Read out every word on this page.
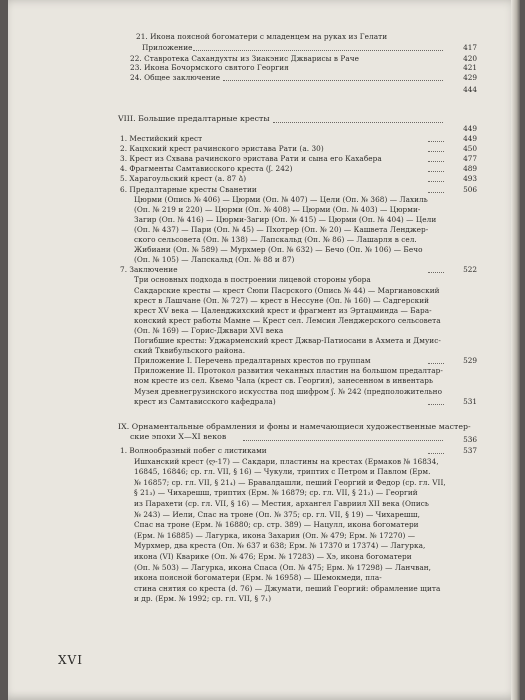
21. Икона поясной богоматери с младенцем на руках из Гелати
Приложение	417
22. Ставротека Сахандухты из Зиакэнис Джварисы в Раче	420
23. Икона Бочормского святого Георгия	421
24. Общее заключение	429
444
VIII. Большие предалтарные кресты
449
1. Местийский крест	449
2. Кацхский крест рачинского эристава Рати (а. 30)	450
3. Крест из Схвава рачинского эристава Рати и сына его Кахабера	477
4. Фрагменты Самтависского креста (ʃ. 242)	489
5. Харагоульский крест (а. 87 ձ)	493
6. Предалтарные кресты Сванетии	506
Цюрми (Опись № 406) — Цюрми (Оп. № 407) — Цели (Оп. № 368) — Лахиль
(Оп. № 219 и 220) — Цюрми (Оп. № 408) — Цюрми (Оп. № 403) — Цюрми-
Загир (Оп. № 416) — Цюрми-Загир (Оп. № 415) — Цюрми (Оп. № 404) — Цели
(Оп. № 437) — Пари (Оп. № 45) — Пхотрер (Оп. № 20) — Кашвета Ленджер-
ского сельсовета (Оп. № 138) — Лапскальд (Оп. № 86) — Лашарля в сел.
Жибиани (Оп. № 589) — Мурхмер (Оп. № 632) — Бечо (Оп. № 106) — Бечо
(Оп. № 105) — Лапскальд (Оп. № 88 и 87)
7. Заключение	522
Три основных подхода в построении лицевой стороны убора
Сакдарские кресты — крест Сюпи Пасрского (Опись № 44) — Маргиановский
крест в Лашчане (Оп. № 727) — крест в Нессуне (Оп. № 160) — Садгерский
крест XV века — Цаленджихский крест и фрагмент из Эртацминда — Бара-
конский крест работы Мамне — Крест сел. Лемсия Ленджерского сельсовета
(Оп. № 169) — Горис-Джвари XVI века
Погибшие кресты: Уджарменский крест Джвар-Патиосани в Ахмета и Дмуис-
ский Тквибульского района.
Приложение I. Перечень предалтарных крестов по группам	529
Приложение II. Протокол развития чеканных пластин на большом предалтар-
ном кресте из сел. Квемо Чала (крест св. Георгия), занесенном в инвентарь
Музея древнегрузинского искусства под шифром ʃ. № 242 (предположительно
крест из Самтависского кафедрала)	531
IX. Орнаментальные обрамления и фоны и намечающиеся художественные мастер-
ские эпохи X—XI веков	536
1. Волнообразный побег с листиками	537
Ишханский крест (ღ-17) — Сакдари, пластины на крестах (Ермаков № 16834,
16845, 16846; ср. гл. VII, § 16) — Чукули, триптих с Петром и Павлом (Ерм.
№ 16857; ср. гл. VII, § 21₄) — Бравалдашли, пеший Георгий и Федор (ср. гл. VII,
§ 21₃) — Чихарешш, триптих (Ерм. № 16879; ср. гл. VII, § 21₂) — Георгий
из Парахети (ср. гл. VII, § 16) — Местия, архангел Гавриил XII века (Опись
№ 243) — Иели, Спас на троне (Оп. № 375; ср. гл. VII, § 19) — Чихарешш,
Спас на троне (Ерм. № 16880; ср. стр. 389) — Нацулл, икона богоматери
(Ерм. № 16885) — Лагурка, икона Захария (Оп. № 479; Ерм. № 17270) —
Мурхмер, два креста (Оп. № 637 и 638; Ерм. № 17370 и 17374) — Лагурка,
икона (VI) Кварике (Оп. № 476; Ерм. № 17283) — Хэ, икона богоматери
(Оп. № 503) — Лагурка, икона Спаса (Оп. № 475; Ерм. № 17298) — Ланчван,
икона поясной богоматери (Ерм. № 16958) — Шемокмеди, пла-
стина снятия со креста (ძ. 76) — Джумати, пеший Георгий: обрамление щита
и др. (Ерм. № 1992; ср. гл. VII, § 7₁)
XVI
